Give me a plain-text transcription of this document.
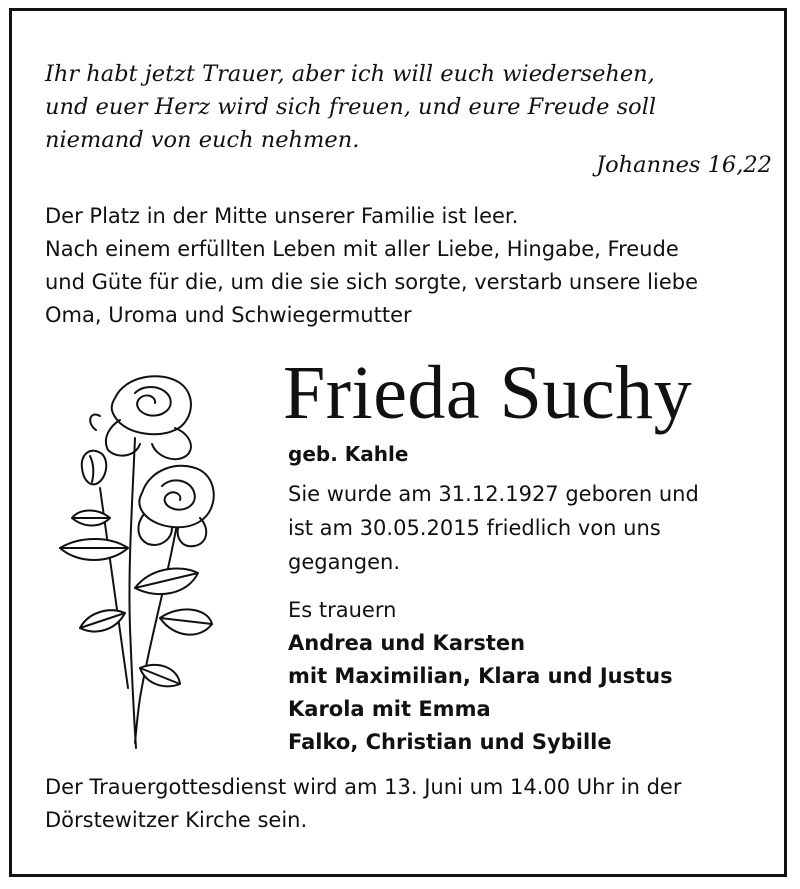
Ihr habt jetzt Trauer, aber ich will euch wiedersehen,
und euer Herz wird sich freuen, und eure Freude soll
niemand von euch nehmen.
Johannes 16,22
Der Platz in der Mitte unserer Familie ist leer.
Nach einem erfüllten Leben mit aller Liebe, Hingabe, Freude
und Güte für die, um die sie sich sorgte, verstarb unsere liebe
Oma, Uroma und Schwiegermutter
Frieda Suchy
geb. Kahle
Sie wurde am 31.12.1927 geboren und
ist am 30.05.2015 friedlich von uns
gegangen.
Es trauern
Andrea und Karsten
mit Maximilian, Klara und Justus
Karola mit Emma
Falko, Christian und Sybille
Der Trauergottesdienst wird am 13. Juni um 14.00 Uhr in der
Dörstewitzer Kirche sein.
